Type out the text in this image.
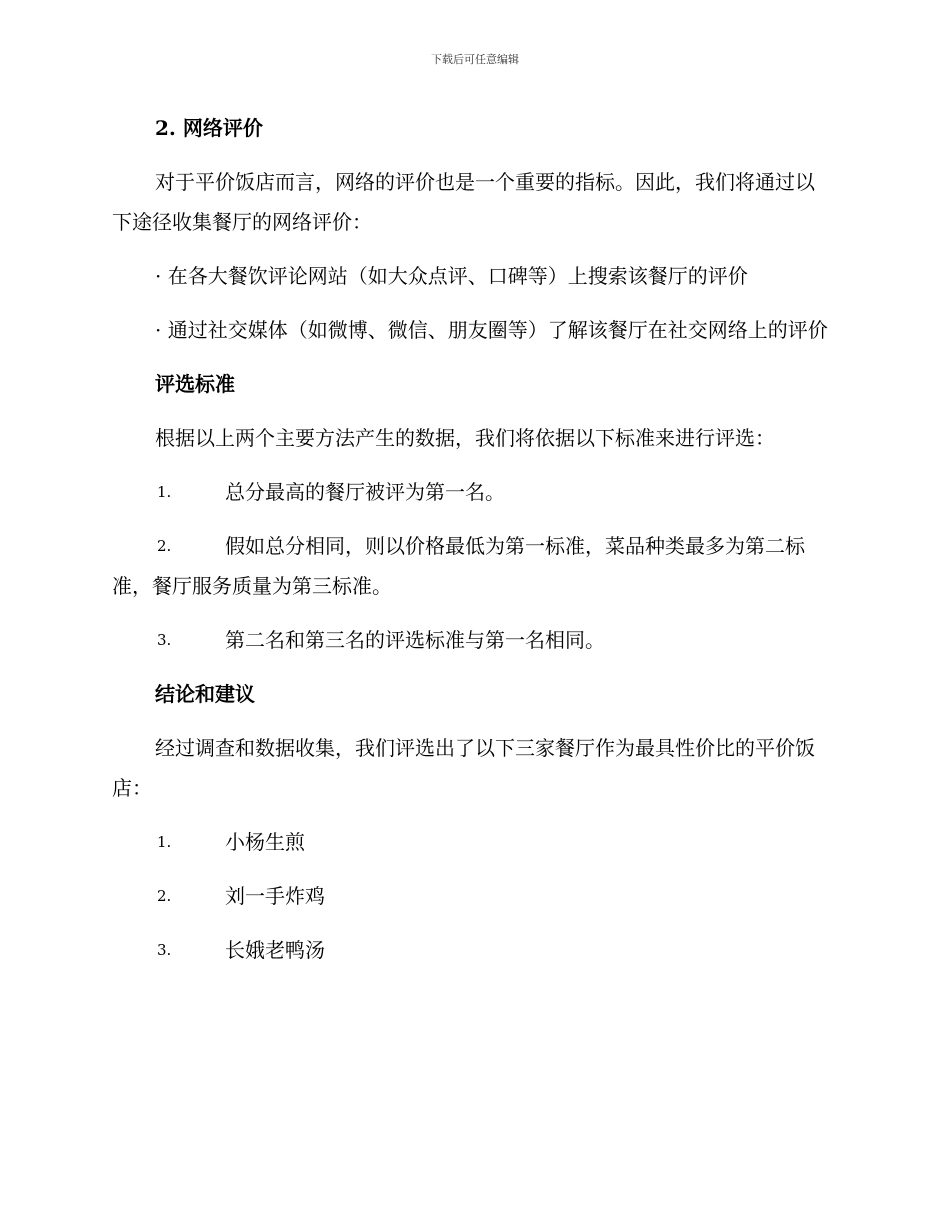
下载后可任意编辑
2. 网络评价
对于平价饭店而言，网络的评价也是一个重要的指标。因此，我们将通过以下途径收集餐厅的网络评价：
· 在各大餐饮评论网站（如大众点评、口碑等）上搜索该餐厅的评价
· 通过社交媒体（如微博、微信、朋友圈等）了解该餐厅在社交网络上的评价
评选标准
根据以上两个主要方法产生的数据，我们将依据以下标准来进行评选：
1.	总分最高的餐厅被评为第一名。
2.	假如总分相同，则以价格最低为第一标准，菜品种类最多为第二标准，餐厅服务质量为第三标准。
3.	第二名和第三名的评选标准与第一名相同。
结论和建议
经过调查和数据收集，我们评选出了以下三家餐厅作为最具性价比的平价饭店：
1.	小杨生煎
2.	刘一手炸鸡
3.	长娥老鸭汤
